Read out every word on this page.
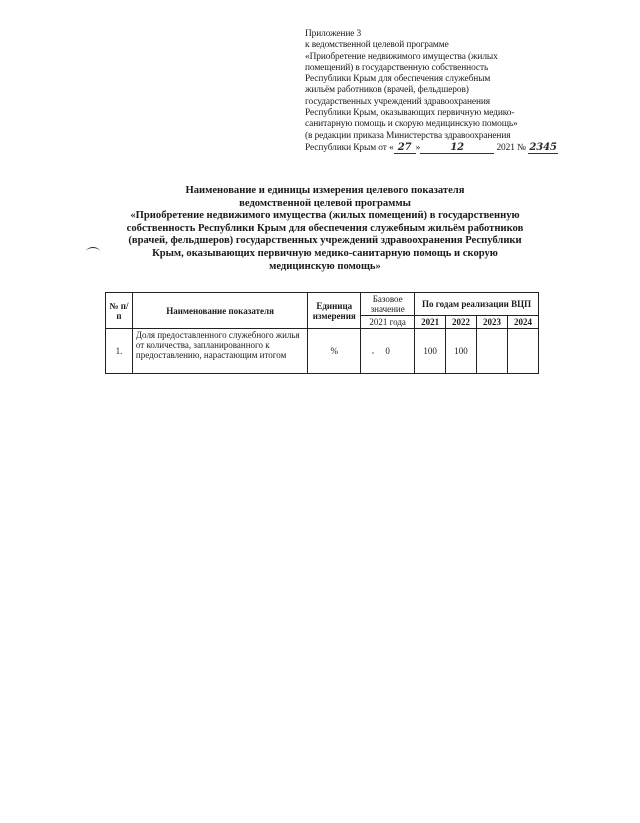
Приложение 3
к ведомственной целевой программе
«Приобретение недвижимого имущества (жилых
помещений) в государственную собственность
Республики Крым для обеспечения служебным
жильём работников (врачей, фельдшеров)
государственных учреждений здравоохранения
Республики Крым, оказывающих первичную медико-
санитарную помощь и скорую медицинскую помощь»
(в редакции приказа Министерства здравоохранения
Республики Крым от « 27 »	12	2021 № 2345
Наименование и единицы измерения целевого показателя
ведомственной целевой программы
«Приобретение недвижимого имущества (жилых помещений) в государственную
собственность Республики Крым для обеспечения служебным жильём работников
(врачей, фельдшеров) государственных учреждений здравоохранения Республики
Крым, оказывающих первичную медико-санитарную помощь и скорую
медицинскую помощь»
№ п/п	Наименование показателя	Единица измерения	Базовое значение	По годам реализации ВЦП			
			2021 года	2021	2022	2023	2024
1.	Доля предоставленного служебного жилья от количества, запланированного к предоставлению, нарастающим итогом	%	0	100	100		
